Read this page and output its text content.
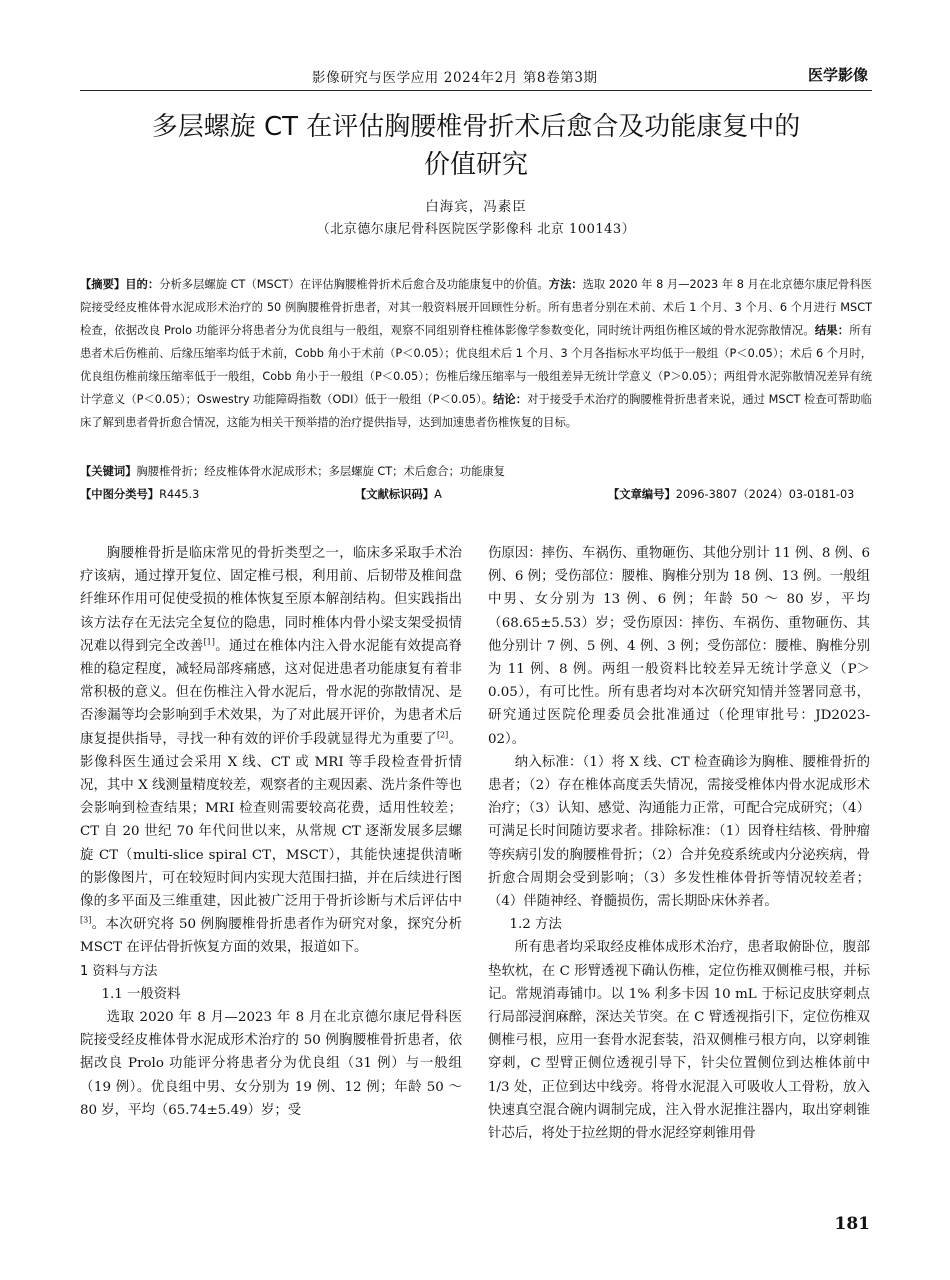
影像研究与医学应用 2024年2月 第8卷第3期	医学影像
多层螺旋 CT 在评估胸腰椎骨折术后愈合及功能康复中的
价值研究
白海宾，冯素臣
（北京德尔康尼骨科医院医学影像科 北京 100143）
【摘要】目的：分析多层螺旋 CT（MSCT）在评估胸腰椎骨折术后愈合及功能康复中的价值。方法：选取 2020 年 8 月—2023 年 8 月在北京德尔康尼骨科医院接受经皮椎体骨水泥成形术治疗的 50 例胸腰椎骨折患者，对其一般资料展开回顾性分析。所有患者分别在术前、术后 1 个月、3 个月、6 个月进行 MSCT 检查，依据改良 Prolo 功能评分将患者分为优良组与一般组，观察不同组别脊柱椎体影像学参数变化，同时统计两组伤椎区域的骨水泥弥散情况。结果：所有患者术后伤椎前、后缘压缩率均低于术前，Cobb 角小于术前（P＜0.05）；优良组术后 1 个月、3 个月各指标水平均低于一般组（P＜0.05）；术后 6 个月时，优良组伤椎前缘压缩率低于一般组，Cobb 角小于一般组（P＜0.05）；伤椎后缘压缩率与一般组差异无统计学意义（P＞0.05）；两组骨水泥弥散情况差异有统计学意义（P＜0.05）；Oswestry 功能障碍指数（ODI）低于一般组（P＜0.05）。结论：对于接受手术治疗的胸腰椎骨折患者来说，通过 MSCT 检查可帮助临床了解到患者骨折愈合情况，这能为相关干预举措的治疗提供指导，达到加速患者伤椎恢复的目标。
【关键词】胸腰椎骨折；经皮椎体骨水泥成形术；多层螺旋 CT；术后愈合；功能康复
【中图分类号】 R445.3	【文献标识码】 A	【文章编号】 2096-3807（2024）03-0181-03

胸腰椎骨折是临床常见的骨折类型之一，临床多采取手术治疗该病，通过撑开复位、固定椎弓根，利用前、后韧带及椎间盘纤维环作用可促使受损的椎体恢复至原本解剖结构。但实践指出该方法存在无法完全复位的隐患，同时椎体内骨小梁支架受损情况难以得到完全改善[1]。通过在椎体内注入骨水泥能有效提高脊椎的稳定程度，减轻局部疼痛感，这对促进患者功能康复有着非常积极的意义。但在伤椎注入骨水泥后，骨水泥的弥散情况、是否渗漏等均会影响到手术效果，为了对此展开评价，为患者术后康复提供指导，寻找一种有效的评价手段就显得尤为重要了[2]。影像科医生通过会采用 X 线、CT 或 MRI 等手段检查骨折情况，其中 X 线测量精度较差，观察者的主观因素、洗片条件等也会影响到检查结果；MRI 检查则需要较高花费，适用性较差；CT 自 20 世纪 70 年代问世以来，从常规 CT 逐渐发展多层螺旋 CT（multi-slice spiral CT，MSCT），其能快速提供清晰的影像图片，可在较短时间内实现大范围扫描，并在后续进行图像的多平面及三维重建，因此被广泛用于骨折诊断与术后评估中[3]。本次研究将 50 例胸腰椎骨折患者作为研究对象，探究分析 MSCT 在评估骨折恢复方面的效果，报道如下。

1 资料与方法

1.1 一般资料

选取 2020 年 8 月—2023 年 8 月在北京德尔康尼骨科医院接受经皮椎体骨水泥成形术治疗的 50 例胸腰椎骨折患者，依据改良 Prolo 功能评分将患者分为优良组（31 例）与一般组（19 例）。优良组中男、女分别为 19 例、12 例；年龄 50 ～ 80 岁，平均（65.74±5.49）岁；受

伤原因：摔伤、车祸伤、重物砸伤、其他分别计 11 例、8 例、6 例、6 例；受伤部位：腰椎、胸椎分别为 18 例、13 例。一般组中男、女分别为 13 例、6 例；年龄 50 ～ 80 岁，平均（68.65±5.53）岁；受伤原因：摔伤、车祸伤、重物砸伤、其他分别计 7 例、5 例、4 例、3 例；受伤部位：腰椎、胸椎分别为 11 例、8 例。两组一般资料比较差异无统计学意义（P＞0.05），有可比性。所有患者均对本次研究知情并签署同意书，研究通过医院伦理委员会批准通过（伦理审批号：JD2023-02）。

纳入标准：（1）将 X 线、CT 检查确诊为胸椎、腰椎骨折的患者；（2）存在椎体高度丢失情况，需接受椎体内骨水泥成形术治疗；（3）认知、感觉、沟通能力正常，可配合完成研究；（4）可满足长时间随访要求者。排除标准：（1）因脊柱结核、骨肿瘤等疾病引发的胸腰椎骨折；（2）合并免疫系统或内分泌疾病，骨折愈合周期会受到影响；（3）多发性椎体骨折等情况较差者；（4）伴随神经、脊髓损伤，需长期卧床休养者。

1.2 方法

所有患者均采取经皮椎体成形术治疗，患者取俯卧位，腹部垫软枕，在 C 形臂透视下确认伤椎，定位伤椎双侧椎弓根，并标记。常规消毒铺巾。以 1% 利多卡因 10 mL 于标记皮肤穿刺点行局部浸润麻醉，深达关节突。在 C 臂透视指引下，定位伤椎双侧椎弓根，应用一套骨水泥套装，沿双侧椎弓根方向，以穿刺锥穿刺，C 型臂正侧位透视引导下，针尖位置侧位到达椎体前中 1/3 处，正位到达中线旁。将骨水泥混入可吸收人工骨粉，放入快速真空混合碗内调制完成，注入骨水泥推注器内，取出穿刺锥针芯后，将处于拉丝期的骨水泥经穿刺锥用骨

181
